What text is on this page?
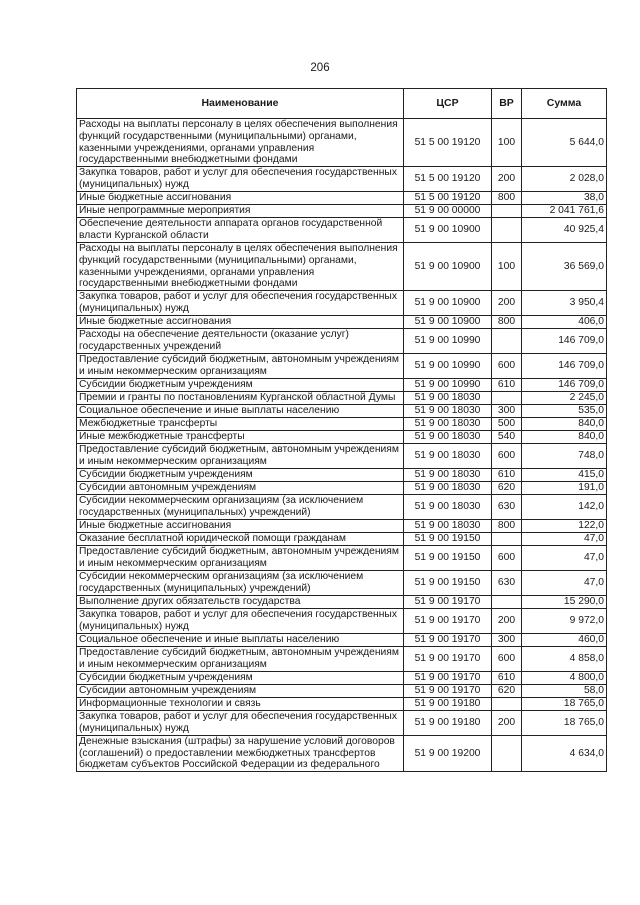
206
Наименование	ЦСР	ВР	Сумма
Расходы на выплаты персоналу в целях обеспечения выполнения функций государственными (муниципальными) органами, казенными учреждениями, органами управления государственными внебюджетными фондами	51 5 00 19120	100	5 644,0
Закупка товаров, работ и услуг для обеспечения государственных (муниципальных) нужд	51 5 00 19120	200	2 028,0
Иные бюджетные ассигнования	51 5 00 19120	800	38,0
Иные непрограммные мероприятия	51 9 00 00000		2 041 761,6
Обеспечение деятельности аппарата органов государственной власти Курганской области	51 9 00 10900		40 925,4
Расходы на выплаты персоналу в целях обеспечения выполнения функций государственными (муниципальными) органами, казенными учреждениями, органами управления государственными внебюджетными фондами	51 9 00 10900	100	36 569,0
Закупка товаров, работ и услуг для обеспечения государственных (муниципальных) нужд	51 9 00 10900	200	3 950,4
Иные бюджетные ассигнования	51 9 00 10900	800	406,0
Расходы на обеспечение деятельности (оказание услуг) государственных учреждений	51 9 00 10990		146 709,0
Предоставление субсидий бюджетным, автономным учреждениям и иным некоммерческим организациям	51 9 00 10990	600	146 709,0
Субсидии бюджетным учреждениям	51 9 00 10990	610	146 709,0
Премии и гранты по постановлениям Курганской областной Думы	51 9 00 18030		2 245,0
Социальное обеспечение и иные выплаты населению	51 9 00 18030	300	535,0
Межбюджетные трансферты	51 9 00 18030	500	840,0
Иные межбюджетные трансферты	51 9 00 18030	540	840,0
Предоставление субсидий бюджетным, автономным учреждениям и иным некоммерческим организациям	51 9 00 18030	600	748,0
Субсидии бюджетным учреждениям	51 9 00 18030	610	415,0
Субсидии автономным учреждениям	51 9 00 18030	620	191,0
Субсидии некоммерческим организациям (за исключением государственных (муниципальных) учреждений)	51 9 00 18030	630	142,0
Иные бюджетные ассигнования	51 9 00 18030	800	122,0
Оказание бесплатной юридической помощи гражданам	51 9 00 19150		47,0
Предоставление субсидий бюджетным, автономным учреждениям и иным некоммерческим организациям	51 9 00 19150	600	47,0
Субсидии некоммерческим организациям (за исключением государственных (муниципальных) учреждений)	51 9 00 19150	630	47,0
Выполнение других обязательств государства	51 9 00 19170		15 290,0
Закупка товаров, работ и услуг для обеспечения государственных (муниципальных) нужд	51 9 00 19170	200	9 972,0
Социальное обеспечение и иные выплаты населению	51 9 00 19170	300	460,0
Предоставление субсидий бюджетным, автономным учреждениям и иным некоммерческим организациям	51 9 00 19170	600	4 858,0
Субсидии бюджетным учреждениям	51 9 00 19170	610	4 800,0
Субсидии автономным учреждениям	51 9 00 19170	620	58,0
Информационные технологии и связь	51 9 00 19180		18 765,0
Закупка товаров, работ и услуг для обеспечения государственных (муниципальных) нужд	51 9 00 19180	200	18 765,0
Денежные взыскания (штрафы) за нарушение условий договоров (соглашений) о предоставлении межбюджетных трансфертов бюджетам субъектов Российской Федерации из федерального	51 9 00 19200		4 634,0
